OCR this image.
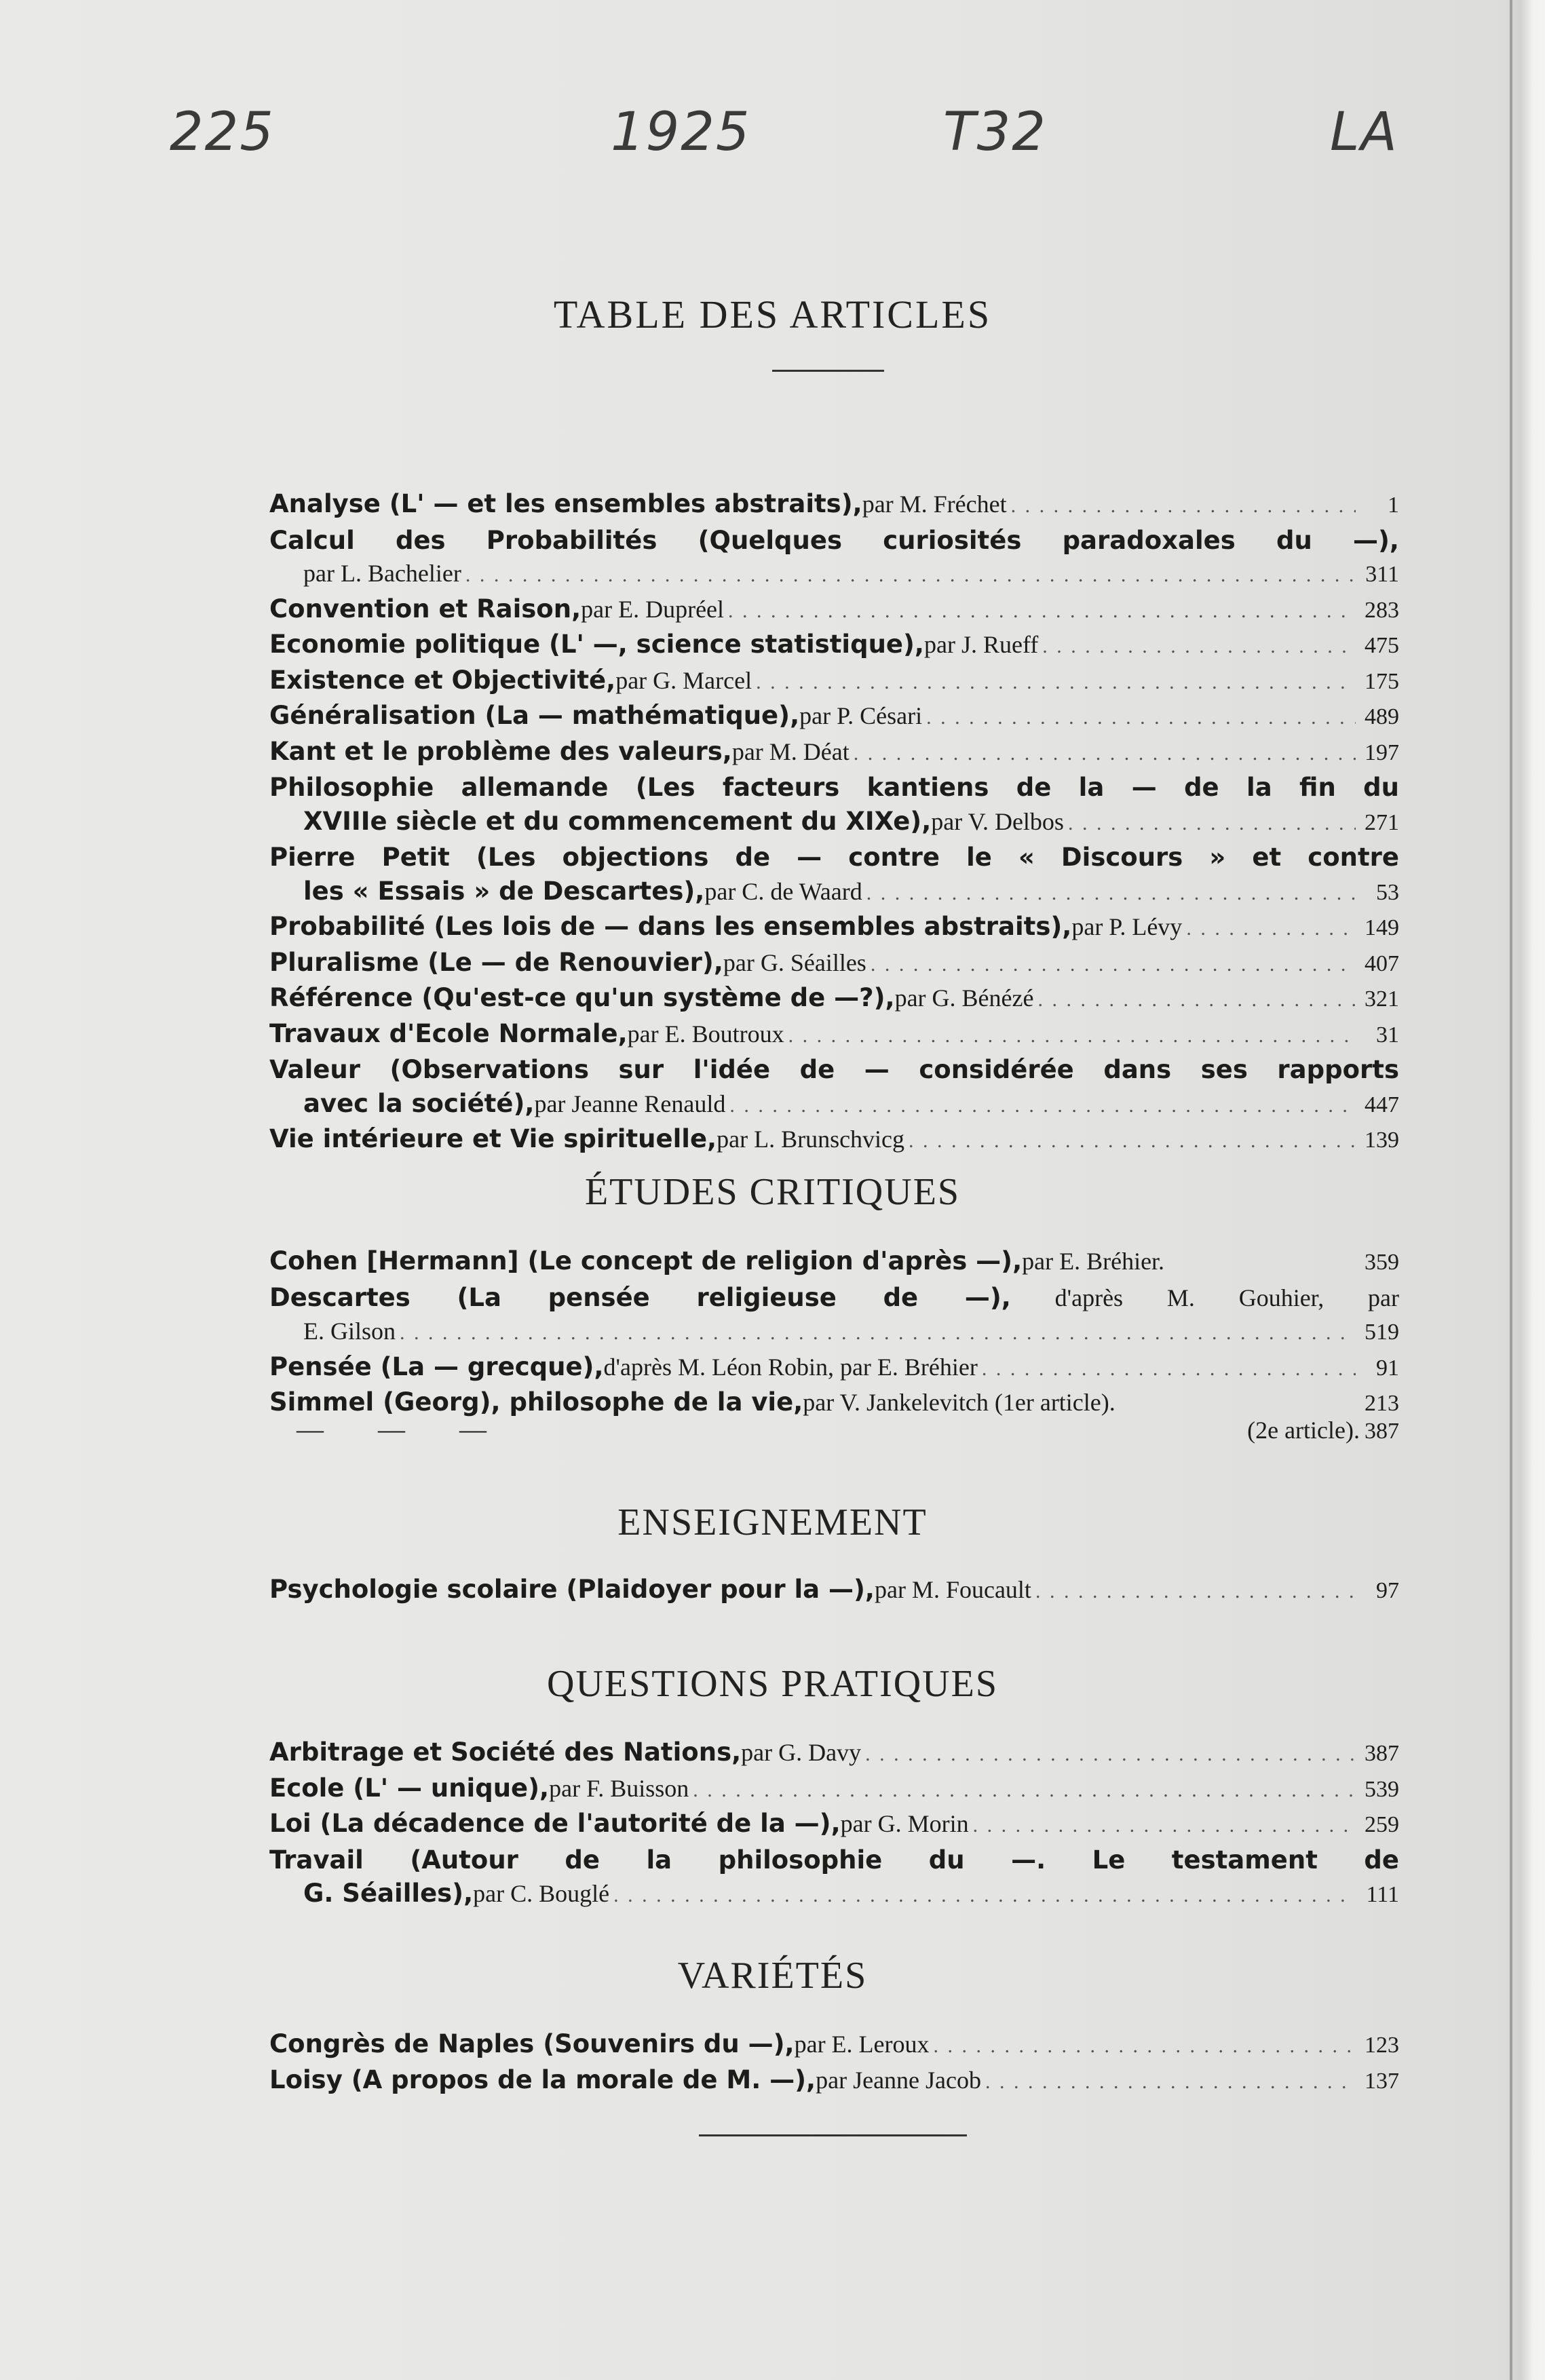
225	1925	T32	LA
TABLE DES ARTICLES
Analyse (L' — et les ensembles abstraits), par M. Fréchet . . .	1
Calcul des Probabilités (Quelques curiosités paradoxales du —),
par L. Bachelier . . .	311
Convention et Raison, par E. Dupréel . . .	283
Economie politique (L' —, science statistique), par J. Rueff . . .	475
Existence et Objectivité, par G. Marcel . . .	175
Généralisation (La — mathématique), par P. Césari . . .	489
Kant et le problème des valeurs, par M. Déat . . .	197
Philosophie allemande (Les facteurs kantiens de la — de la fin du
XVIIIe siècle et du commencement du XIXe), par V. Delbos . . .	271
Pierre Petit (Les objections de — contre le « Discours » et contre
les « Essais » de Descartes), par C. de Waard . . .	53
Probabilité (Les lois de — dans les ensembles abstraits), par P. Lévy . . .	149
Pluralisme (Le — de Renouvier), par G. Séailles . . .	407
Référence (Qu'est-ce qu'un système de —?), par G. Bénézé . . .	321
Travaux d'Ecole Normale, par E. Boutroux . . .	31
Valeur (Observations sur l'idée de — considérée dans ses rapports
avec la société), par Jeanne Renauld . . .	447
Vie intérieure et Vie spirituelle, par L. Brunschvicg . . .	139
ÉTUDES CRITIQUES
Cohen [Hermann] (Le concept de religion d'après —), par E. Bréhier.	359
Descartes (La pensée religieuse de —), d'après M. Gouhier, par
E. Gilson . . .	519
Pensée (La — grecque), d'après M. Léon Robin, par E. Bréhier . . .	91
Simmel (Georg), philosophe de la vie, par V. Jankelevitch (1er article).	213
—	—	—	(2e article). 387
ENSEIGNEMENT
Psychologie scolaire (Plaidoyer pour la —), par M. Foucault . . .	97
QUESTIONS PRATIQUES
Arbitrage et Société des Nations, par G. Davy . . .	387
Ecole (L' — unique), par F. Buisson . . .	539
Loi (La décadence de l'autorité de la —), par G. Morin . . .	259
Travail (Autour de la philosophie du —. Le testament de
G. Séailles), par C. Bouglé . . .	111
VARIÉTÉS
Congrès de Naples (Souvenirs du —), par E. Leroux . . .	123
Loisy (A propos de la morale de M. —), par Jeanne Jacob . . .	137
